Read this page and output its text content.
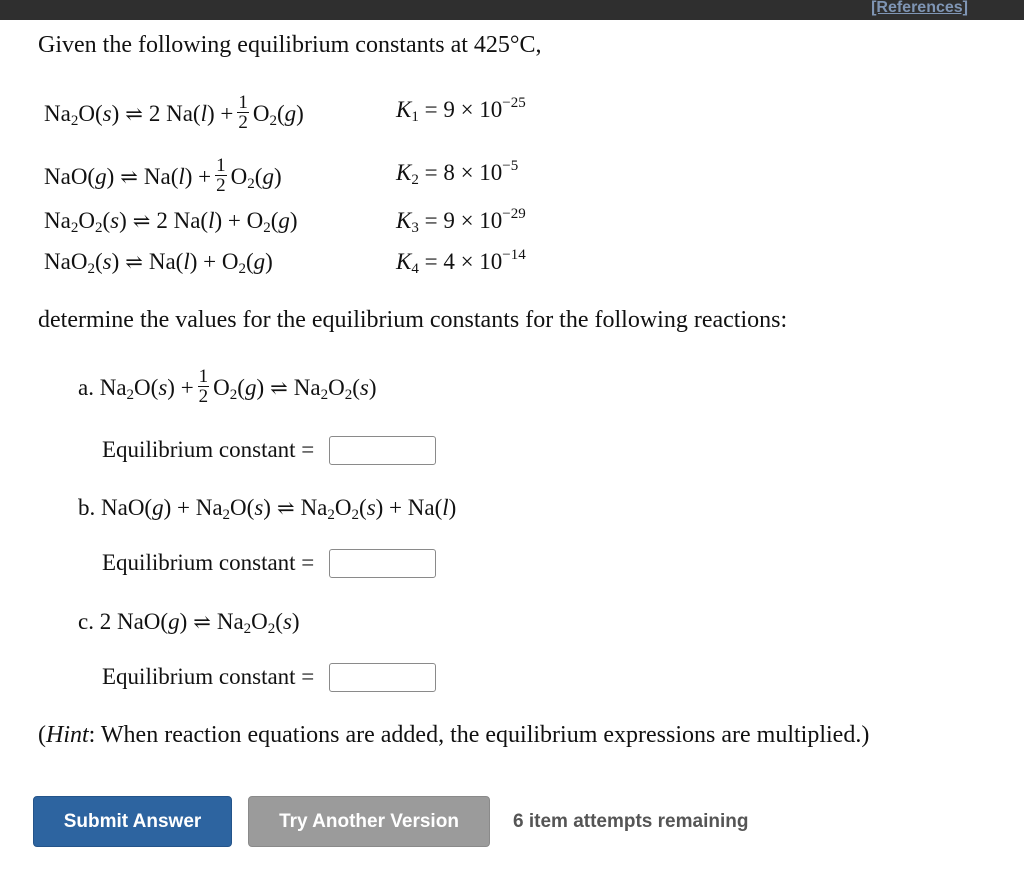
[References]
Given the following equilibrium constants at 425°C,
$Na_2O(s)$ ⇌ 2 $Na(l) + \frac{1}{2} O_2(g)$	$K_1 = 9 \times 10^{-25}$
NaO(g) ⇌ $Na(l) + \frac{1}{2} O_2(g)$	$K_2 = 8 \times 10^{-5}$
$Na_2O_2(s)$ ⇌ 2 $Na(l) + O_2(g)$	$K_3 = 9 \times 10^{-29}$
NaO$_2$(s) ⇌ $Na(l) + O_2(g)$	$K_4 = 4 \times 10^{-14}$
determine the values for the equilibrium constants for the following reactions:
a. $Na_2O(s) + \frac{1}{2} O_2(g)$ ⇌ $Na_2O_2(s)$
Equilibrium constant =
b. $NaO(g) + Na_2O(s)$ ⇌ $Na_2O_2(s) + Na(l)$
Equilibrium constant =
c. 2 NaO(g) ⇌ $Na_2O_2(s)$
Equilibrium constant =
(Hint: When reaction equations are added, the equilibrium expressions are multiplied.)
Submit Answer	Try Another Version	6 item attempts remaining
